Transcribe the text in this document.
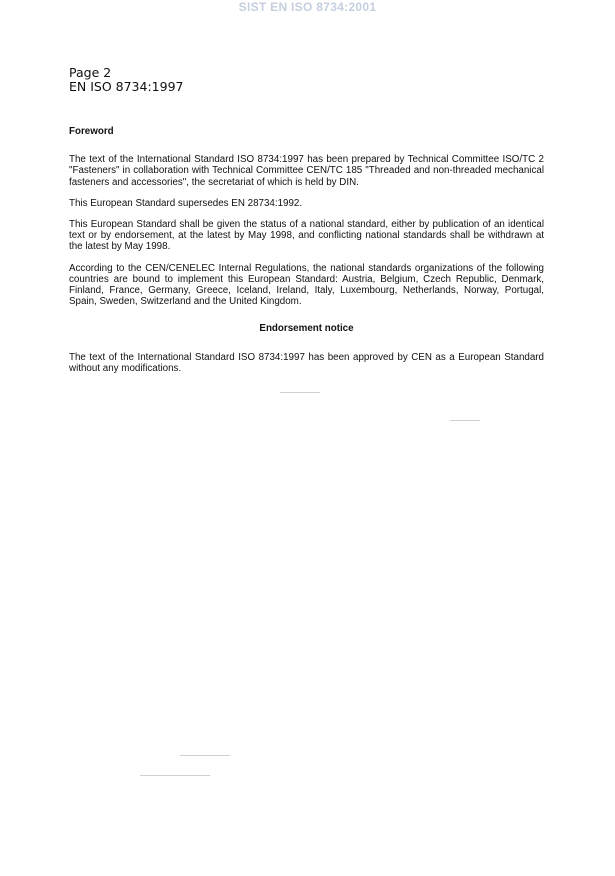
SIST EN ISO 8734:2001
Page 2
EN ISO 8734:1997
Foreword

The text of the International Standard ISO 8734:1997 has been prepared by Technical Committee ISO/TC 2 "Fasteners" in collaboration with Technical Committee CEN/TC 185 "Threaded and non-threaded mechanical fasteners and accessories", the secretariat of which is held by DIN.

This European Standard supersedes EN 28734:1992.

This European Standard shall be given the status of a national standard, either by publication of an identical text or by endorsement, at the latest by May 1998, and conflicting national standards shall be withdrawn at the latest by May 1998.

According to the CEN/CENELEC Internal Regulations, the national standards organizations of the following countries are bound to implement this European Standard: Austria, Belgium, Czech Republic, Denmark, Finland, France, Germany, Greece, Iceland, Ireland, Italy, Luxembourg, Netherlands, Norway, Portugal, Spain, Sweden, Switzerland and the United Kingdom.

Endorsement notice

The text of the International Standard ISO 8734:1997 has been approved by CEN as a European Standard without any modifications.
